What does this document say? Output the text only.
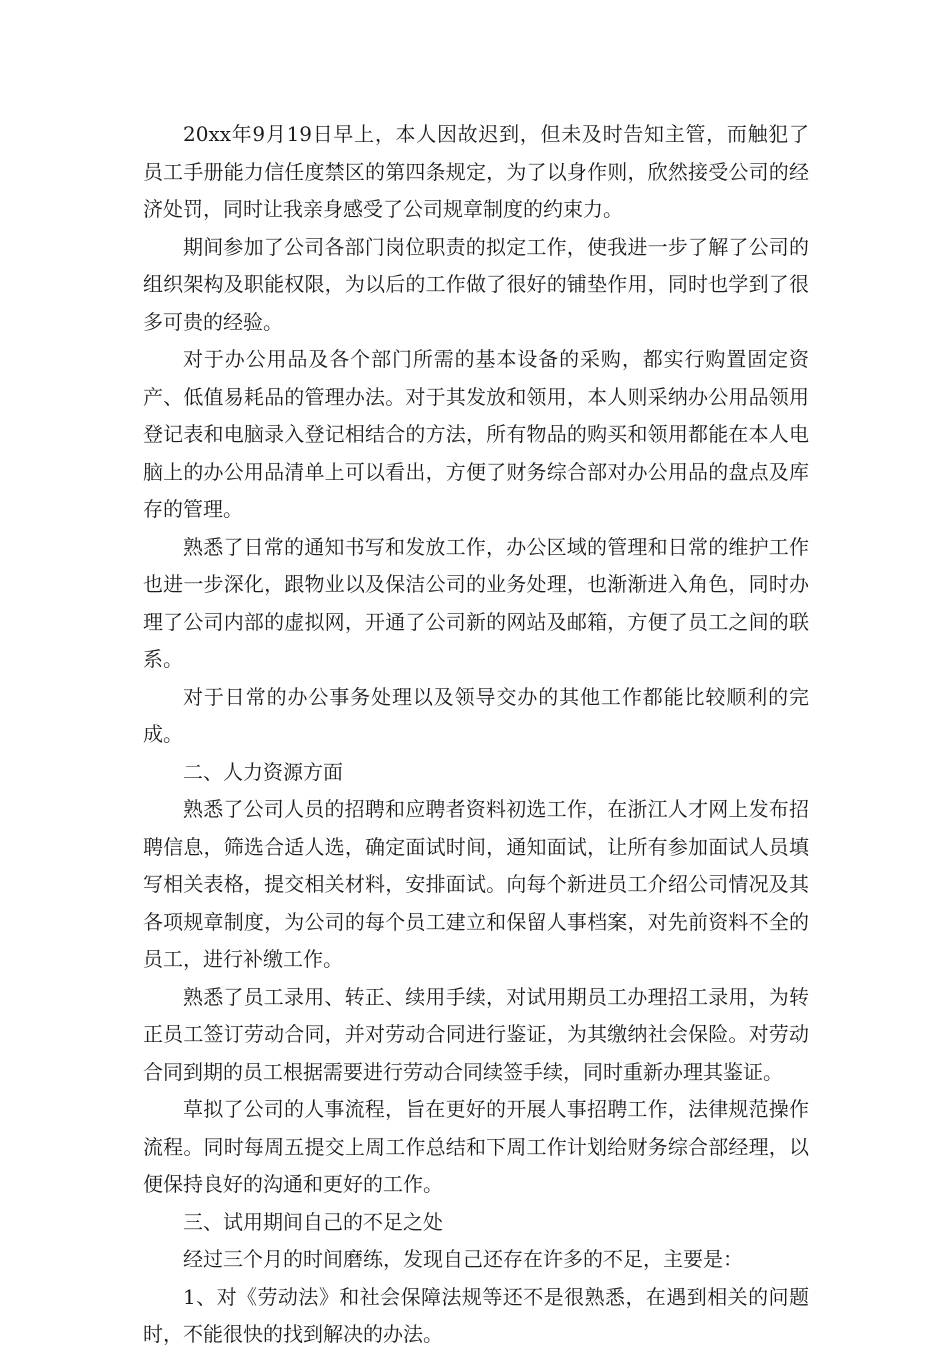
20xx年9月19日早上，本人因故迟到，但未及时告知主管，而触犯了员工手册能力信任度禁区的第四条规定，为了以身作则，欣然接受公司的经济处罚，同时让我亲身感受了公司规章制度的约束力。

期间参加了公司各部门岗位职责的拟定工作，使我进一步了解了公司的组织架构及职能权限，为以后的工作做了很好的铺垫作用，同时也学到了很多可贵的经验。

对于办公用品及各个部门所需的基本设备的采购，都实行购置固定资产、低值易耗品的管理办法。对于其发放和领用，本人则采纳办公用品领用登记表和电脑录入登记相结合的方法，所有物品的购买和领用都能在本人电脑上的办公用品清单上可以看出，方便了财务综合部对办公用品的盘点及库存的管理。

熟悉了日常的通知书写和发放工作，办公区域的管理和日常的维护工作也进一步深化，跟物业以及保洁公司的业务处理，也渐渐进入角色，同时办理了公司内部的虚拟网，开通了公司新的网站及邮箱，方便了员工之间的联系。

对于日常的办公事务处理以及领导交办的其他工作都能比较顺利的完成。

二、人力资源方面

熟悉了公司人员的招聘和应聘者资料初选工作，在浙江人才网上发布招聘信息，筛选合适人选，确定面试时间，通知面试，让所有参加面试人员填写相关表格，提交相关材料，安排面试。向每个新进员工介绍公司情况及其各项规章制度，为公司的每个员工建立和保留人事档案，对先前资料不全的员工，进行补缴工作。

熟悉了员工录用、转正、续用手续，对试用期员工办理招工录用，为转正员工签订劳动合同，并对劳动合同进行鉴证，为其缴纳社会保险。对劳动合同到期的员工根据需要进行劳动合同续签手续，同时重新办理其鉴证。

草拟了公司的人事流程，旨在更好的开展人事招聘工作，法律规范操作流程。同时每周五提交上周工作总结和下周工作计划给财务综合部经理，以便保持良好的沟通和更好的工作。

三、试用期间自己的不足之处

经过三个月的时间磨练，发现自己还存在许多的不足，主要是：

1、对《劳动法》和社会保障法规等还不是很熟悉，在遇到相关的问题时，不能很快的找到解决的办法。
